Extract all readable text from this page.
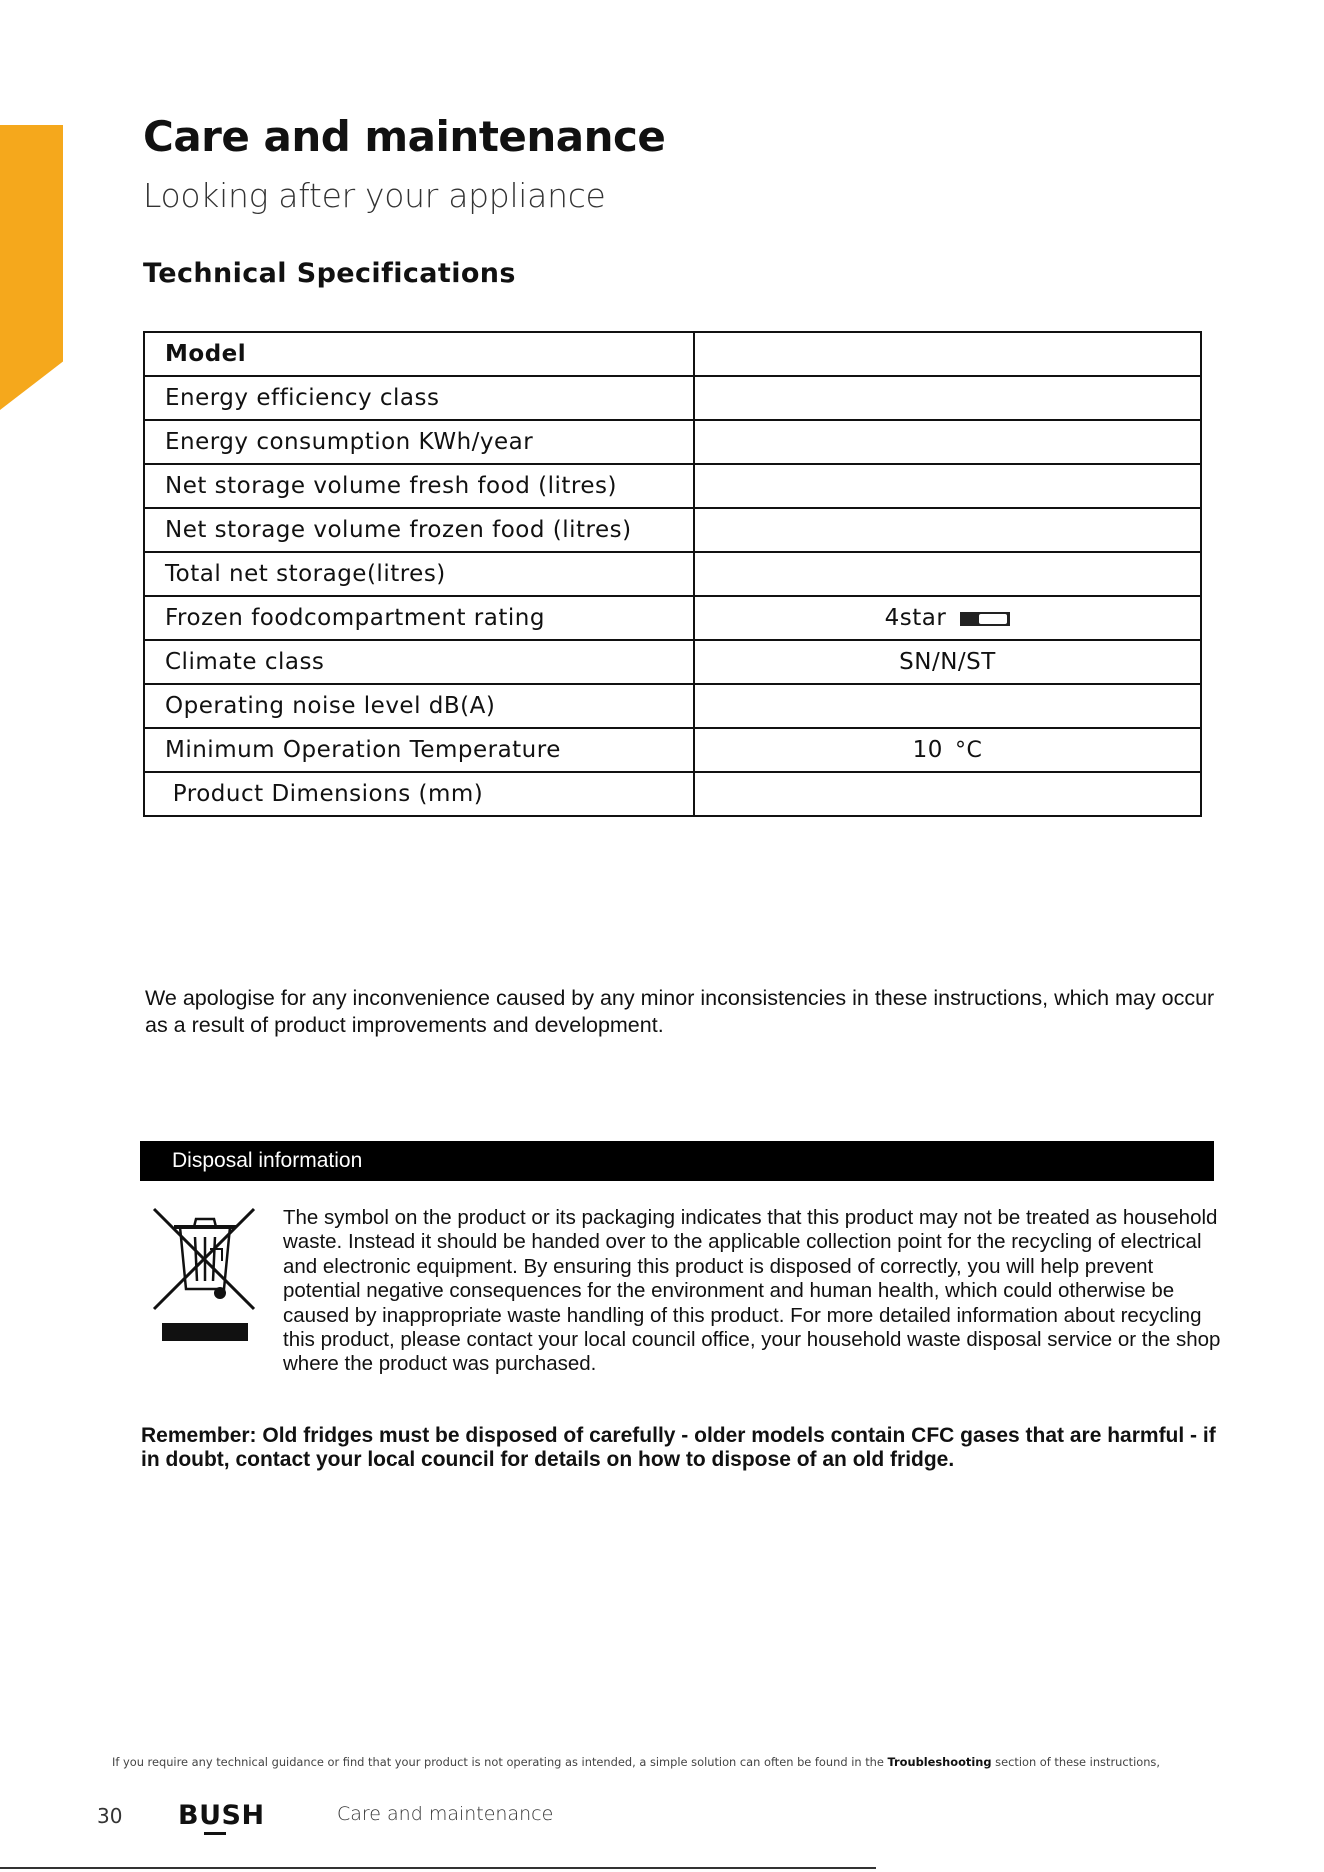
Care and maintenance
Looking after your appliance
Technical Specifications
Model	
Energy efficiency class	
Energy consumption KWh/year	
Net storage volume fresh food (litres)	
Net storage volume frozen food (litres)	
Total net storage(litres)	
Frozen foodcompartment rating	4star

Climate class	SN/N/ST
Operating noise level dB(A)	
Minimum Operation Temperature	10 °C
Product Dimensions (mm)	

We apologise for any inconvenience caused by any minor inconsistencies in these instructions, which may occur as a result of product improvements and development.

Disposal information

The symbol on the product or its packaging indicates that this product may not be treated as household waste. Instead it should be handed over to the applicable collection point for the recycling of electrical and electronic equipment. By ensuring this product is disposed of correctly, you will help prevent potential negative consequences for the environment and human health, which could otherwise be caused by inappropriate waste handling of this product. For more detailed information about recycling this product, please contact your local council office, your household waste disposal service or the shop where the product was purchased.

Remember: Old fridges must be disposed of carefully - older models contain CFC gases that are harmful - if in doubt, contact your local council for details on how to dispose of an old fridge.

If you require any technical guidance or find that your product is not operating as intended, a simple solution can often be found in the Troubleshooting section of these instructions,

30 BUSH	Care and maintenance
